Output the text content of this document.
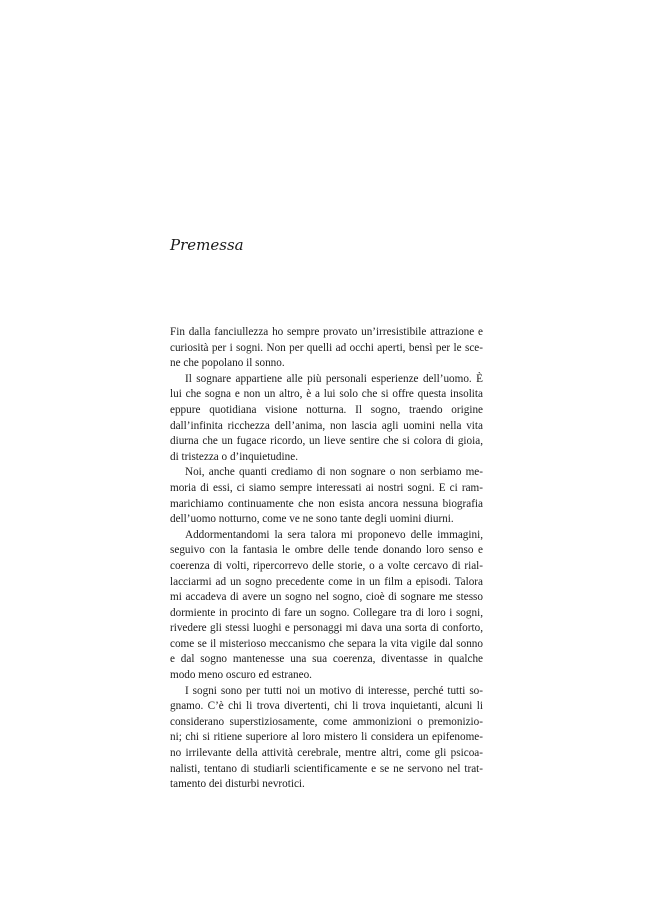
Premessa
Fin dalla fanciullezza ho sempre provato un’irresistibile attrazione e
curiosità per i sogni. Non per quelli ad occhi aperti, bensì per le sce-
ne che popolano il sonno.
Il sognare appartiene alle più personali esperienze dell’uomo. È
lui che sogna e non un altro, è a lui solo che si offre questa insolita
eppure quotidiana visione notturna. Il sogno, traendo origine
dall’infinita ricchezza dell’anima, non lascia agli uomini nella vita
diurna che un fugace ricordo, un lieve sentire che si colora di gioia,
di tristezza o d’inquietudine.
Noi, anche quanti crediamo di non sognare o non serbiamo me-
moria di essi, ci siamo sempre interessati ai nostri sogni. E ci ram-
marichiamo continuamente che non esista ancora nessuna biografia
dell’uomo notturno, come ve ne sono tante degli uomini diurni.
Addormentandomi la sera talora mi proponevo delle immagini,
seguivo con la fantasia le ombre delle tende donando loro senso e
coerenza di volti, ripercorrevo delle storie, o a volte cercavo di rial-
lacciarmi ad un sogno precedente come in un film a episodi. Talora
mi accadeva di avere un sogno nel sogno, cioè di sognare me stesso
dormiente in procinto di fare un sogno. Collegare tra di loro i sogni,
rivedere gli stessi luoghi e personaggi mi dava una sorta di conforto,
come se il misterioso meccanismo che separa la vita vigile dal sonno
e dal sogno mantenesse una sua coerenza, diventasse in qualche
modo meno oscuro ed estraneo.
I sogni sono per tutti noi un motivo di interesse, perché tutti so-
gnamo. C’è chi li trova divertenti, chi li trova inquietanti, alcuni li
considerano superstiziosamente, come ammonizioni o premonizio-
ni; chi si ritiene superiore al loro mistero li considera un epifenome-
no irrilevante della attività cerebrale, mentre altri, come gli psicoa-
nalisti, tentano di studiarli scientificamente e se ne servono nel trat-
tamento dei disturbi nevrotici.
